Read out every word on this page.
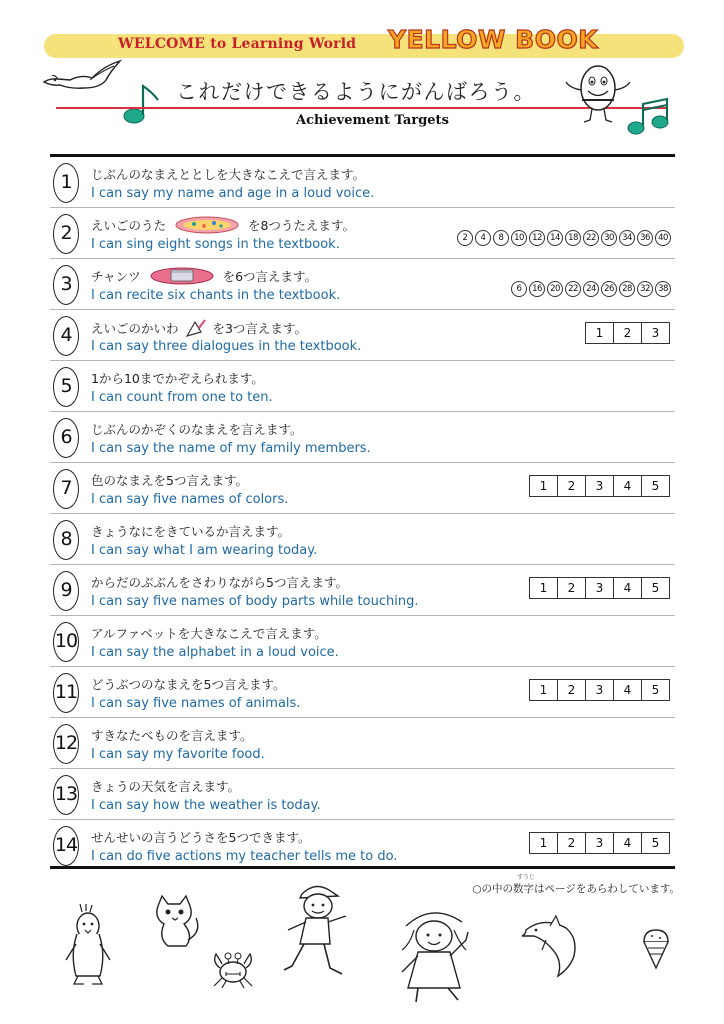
WELCOME to Learning World YELLOW BOOK
これだけできるようにがんばろう。
Achievement Targets
1	じぶんのなまえととしを大きなこえで言えます。
I can say my name and age in a loud voice.
2	えいごのうた	を8つうたえます。
I can sing eight songs in the textbook.	2	4	8	10 12 14 18 22 30 34 36 40
3	チャンツ	を6つ言えます。
I can recite six chants in the textbook.	6	16 20 22 24 26 28 32 38
4	えいごのかいわ	を3つ言えます。
I can say three dialogues in the textbook.
1	2	3
5	1から10までかぞえられます。
I can count from one to ten.
6	じぶんのかぞくのなまえを言えます。
I can say the name of my family members.
7	色のなまえを5つ言えます。
I can say five names of colors.
1	2	3	4	5
8	きょうなにをきているか言えます。
I can say what I am wearing today.
9	からだのぶぶんをさわりながら5つ言えます。
I can say five names of body parts while touching.
1	2	3	4	5
10 アルファベットを大きなこえで言えます。
I can say the alphabet in a loud voice.
11 どうぶつのなまえを5つ言えます。
I can say five names of animals.
1	2	3	4	5
12 すきなたべものを言えます。
I can say my favorite food.
13 きょうの天気を言えます。
I can say how the weather is today.
14 せんせいの言うどうさを5つできます。
I can do five actions my teacher tells me to do.
1	2	3	4	5
すうじ
○の中の数字はページをあらわしています。
